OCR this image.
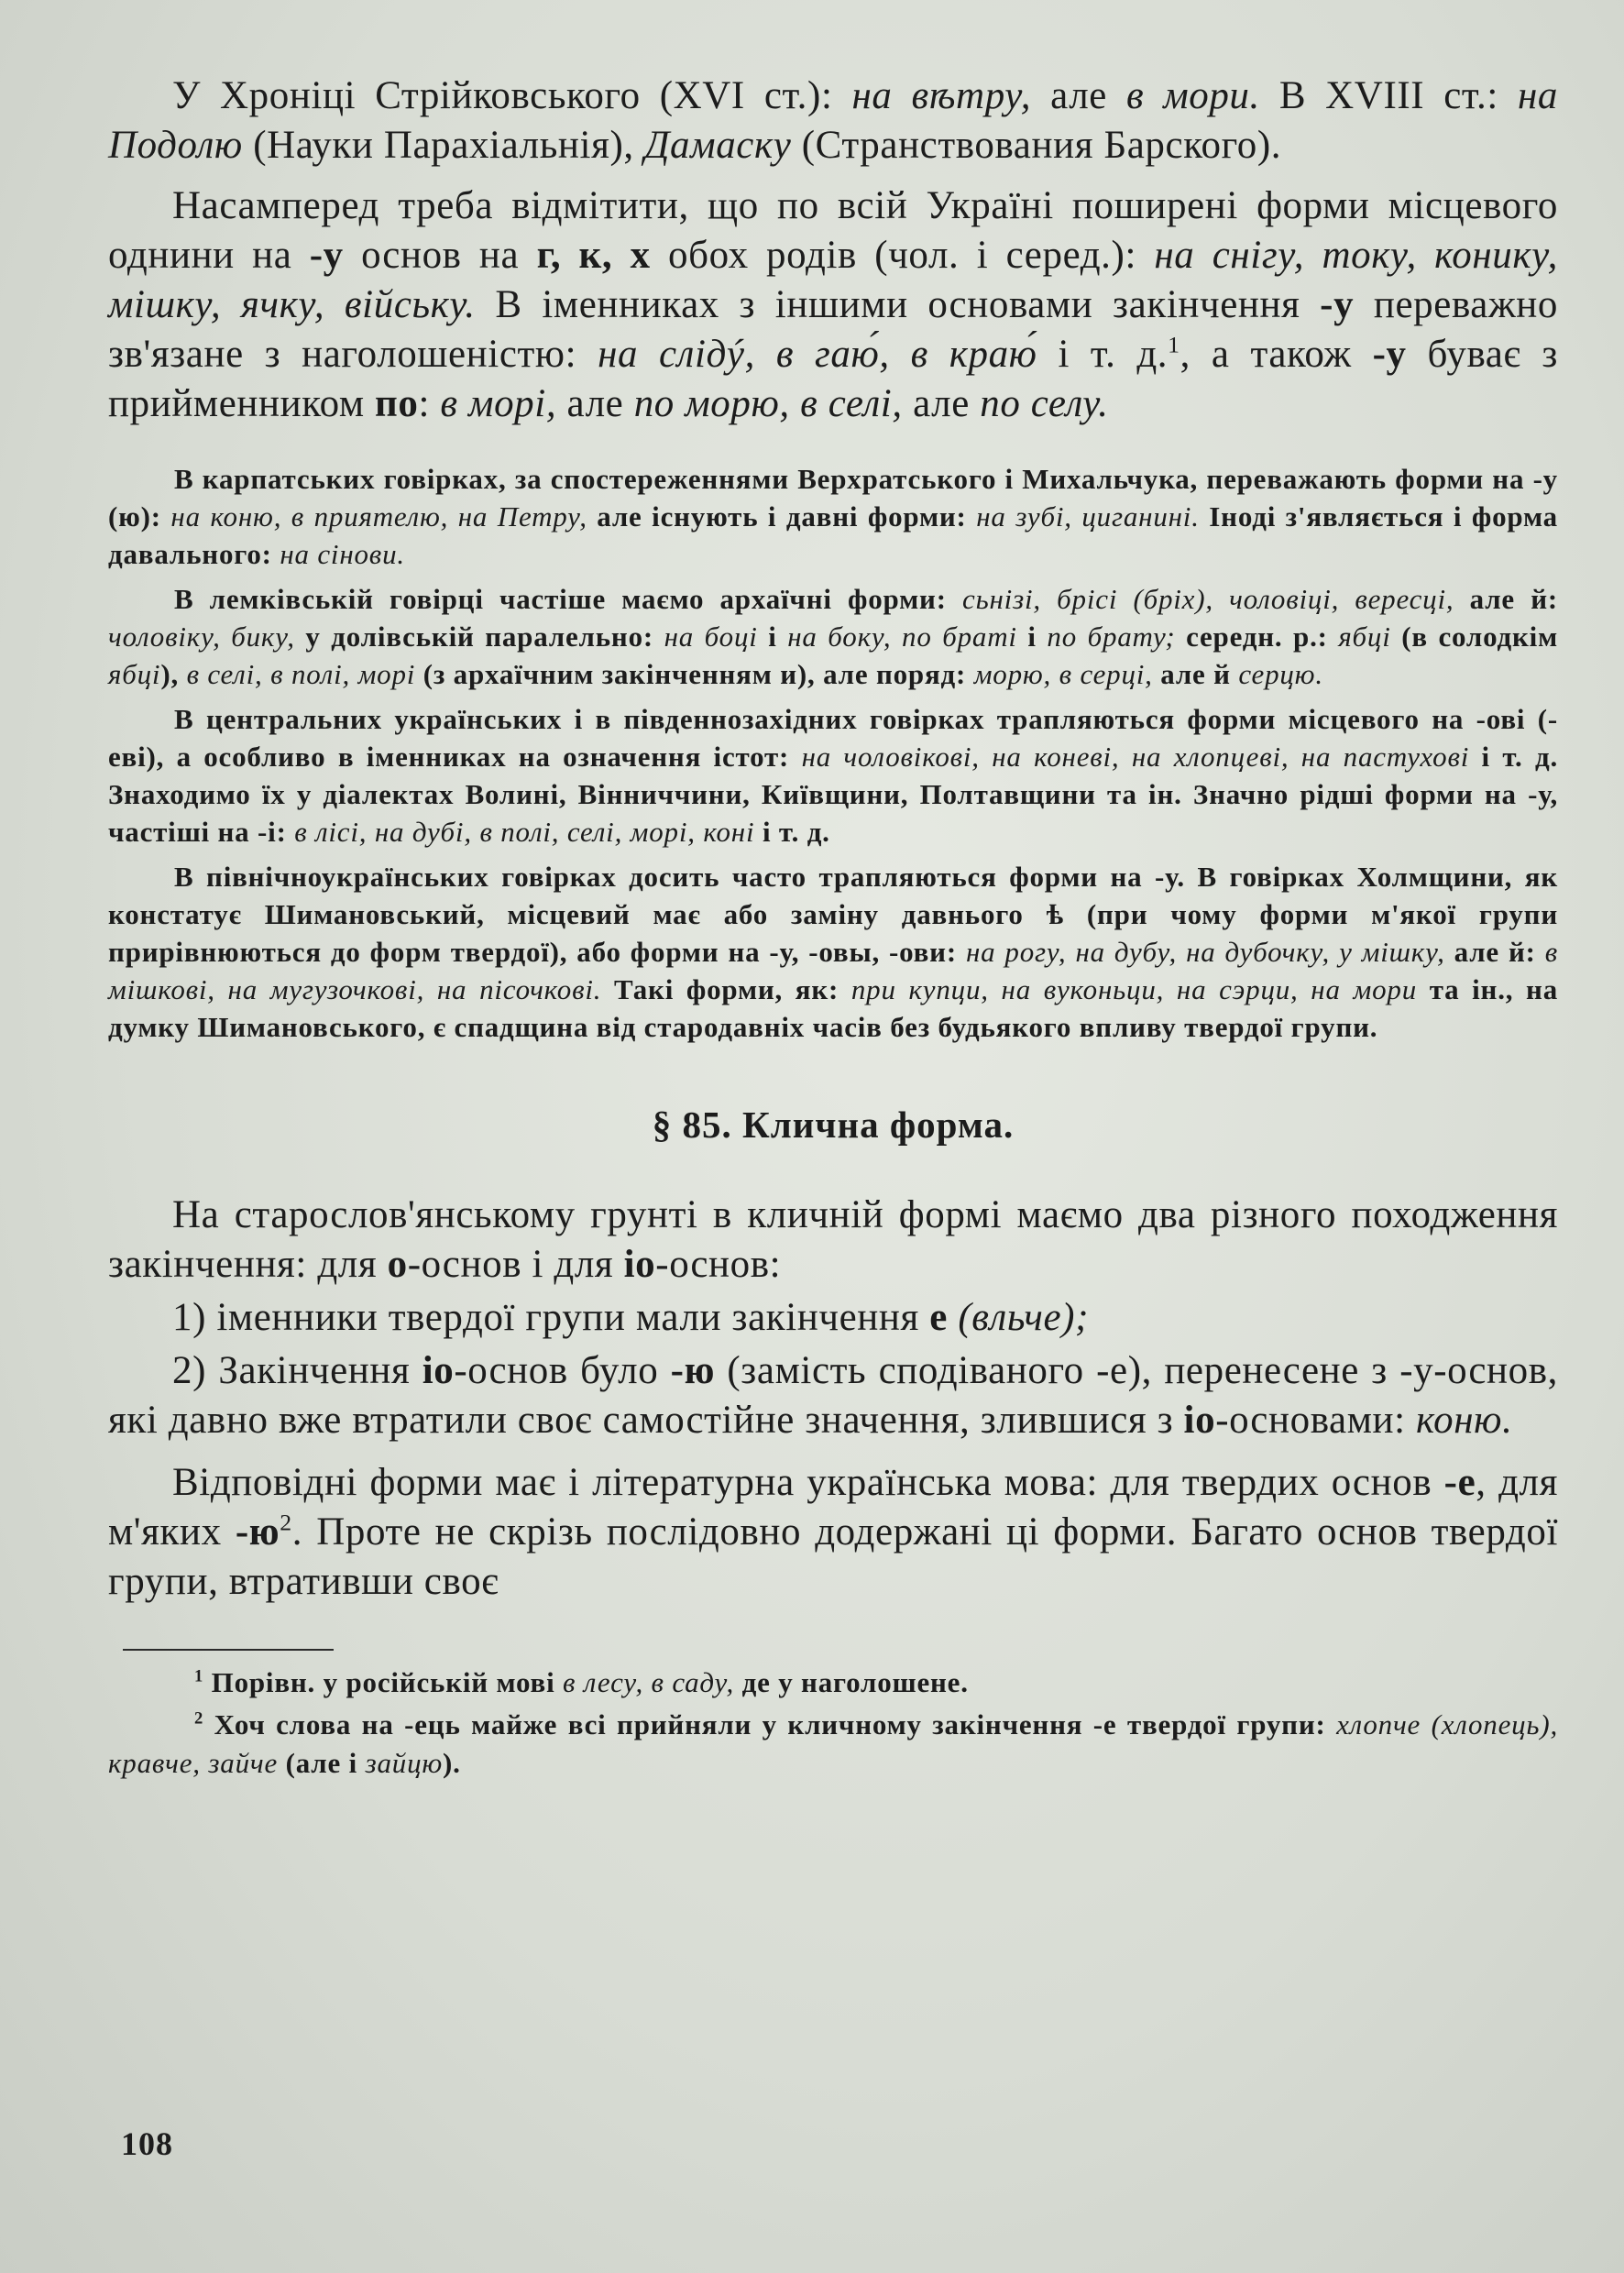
У Хроніці Стрійковського (XVI ст.): на вѣтру, але в мори. В XVIII ст.: на Подолю (Науки Парахіальнія), Дамаску (Странствования Барского).

Насамперед треба відмітити, що по всій Україні поширені форми місцевого однини на -у основ на г, к, х обох родів (чол. і серед.): на снігу, току, конику, мішку, ячку, війську. В іменниках з іншими основами закінчення -у переважно зв'язане з наголошеністю: на слідý, в гаю́, в краю́ і т. д.$^1$, а також -у буває з прийменником по: в морі, але по морю, в селі, але по селу.

В карпатських говірках, за спостереженнями Верхратського і Михальчука, переважають форми на -у (ю): на коню, в приятелю, на Петру, але існують і давні форми: на зубі, циганині. Іноді з'являється і форма давального: на сінови.

В лемківській говірці частіше маємо архаїчні форми: сьнізі, брісі (бріх), чоловіці, вересці, але й: чоловіку, бику, у долівській паралельно: на боці і на боку, по браті і по брату; середн. р.: ябці (в солодкім ябці), в селі, в полі, морі (з архаїчним закінченням и), але поряд: морю, в серці, але й серцю.

В центральних українських і в південнозахідних говірках трапляються форми місцевого на -ові (-еві), а особливо в іменниках на означення істот: на чоловікові, на коневі, на хлопцеві, на пастухові і т. д. Знаходимо їх у діалектах Волині, Вінниччини, Київщини, Полтавщини та ін. Значно рідші форми на -у, частіші на -і: в лісі, на дубі, в полі, селі, морі, коні і т. д.

В північноукраїнських говірках досить часто трапляються форми на -у. В говірках Холмщини, як констатує Шимановський, місцевий має або заміну давнього ѣ (при чому форми м'якої групи прирівнюються до форм твердої), або форми на -у, -овы, -ови: на рогу, на дубу, на дубочку, у мішку, але й: в мішкові, на мугузочкові, на пісочкові. Такі форми, як: при купци, на вуконьци, на сэрци, на мори та ін., на думку Шимановського, є спадщина від стародавніх часів без будьякого впливу твердої групи.

§ 85. Клична форма.

На старослов'янському грунті в кличній формі маємо два різного походження закінчення: для о-основ і для іо-основ:

1) іменники твердої групи мали закінчення е (вльче);

2) Закінчення іо-основ було -ю (замість сподіваного -е), перенесене з -у-основ, які давно вже втратили своє самостійне значення, злившися з іо-основами: коню.

Відповідні форми має і літературна українська мова: для твердих основ -е, для м'яких $-ю^2$. Проте не скрізь послідовно додержані ці форми. Багато основ твердої групи, втративши своє

$^1$ Порівн. у російській мові в лесу, в саду, де у наголошене.

$^2$ Хоч слова на -ець майже всі прийняли у кличному закінчення -е твердої групи: хлопче (хлопець), кравче, зайче (але і зайцю).

108
